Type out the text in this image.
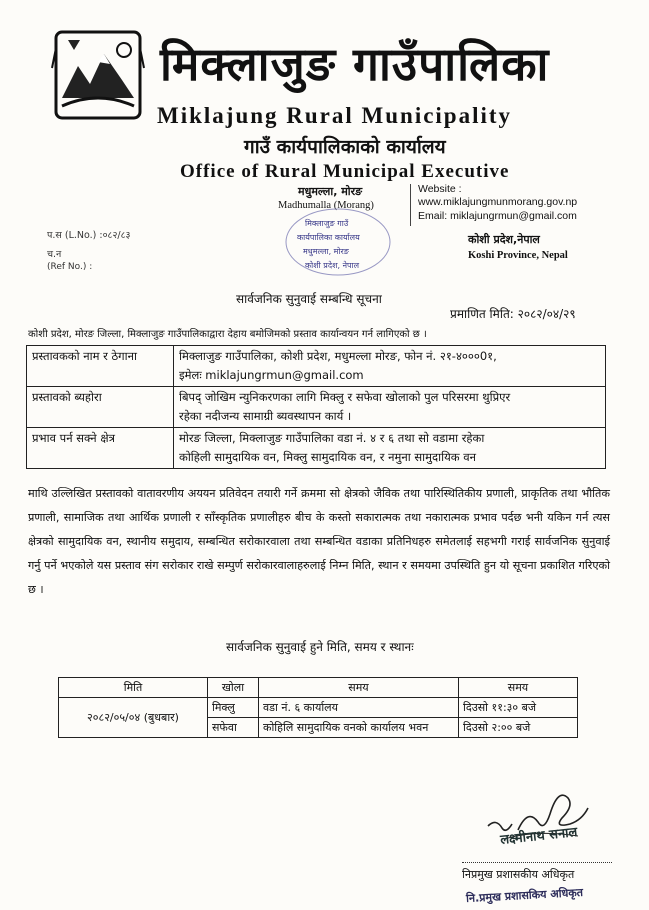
मिक्लाजुङ गाउँपालिका
Miklajung Rural Municipality
गाउँ कार्यपालिकाको कार्यालय
Office of Rural Municipal Executive
मधुमल्ला, मोरङ
Madhumalla (Morang)
Website :
www.miklajungmunmorang.gov.np
Email: miklajungrmun@gmail.com
कोशी प्रदेश,नेपाल
Koshi Province, Nepal
प.स (L.No.) :०८२/८३
च.न
(Ref No.) :
मिक्लाजुङ गाउँ
कार्यपालिका कार्यालय
मधुमल्ला, मोरङ
कोशी प्रदेश, नेपाल
सार्वजनिक सुनुवाई सम्बन्धि सूचना
प्रमाणित मिति: २०८२/०४/२९
कोशी प्रदेश, मोरङ जिल्ला, मिक्लाजुङ गाउँपालिकाद्वारा देहाय बमोजिमको प्रस्ताव कार्यान्वयन गर्न लागिएको छ ।
प्रस्तावकको नाम र ठेगाना	मिक्लाजुङ गाउँपालिका, कोशी प्रदेश, मधुमल्ला मोरङ, फोन नं. २१-४०००0१,
इमेलः miklajungrmun@gmail.com

प्रस्तावको ब्यहोरा	बिपद् जोखिम न्युनिकरणका लागि मिक्लु र सफेवा खोलाको पुल परिसरमा थुप्रिएर
रहेका नदीजन्य सामाग्री ब्यवस्थापन कार्य ।

प्रभाव पर्न सक्ने क्षेत्र	मोरङ जिल्ला, मिक्लाजुङ गाउँपालिका वडा नं. ४ र ६ तथा सो वडामा रहेका
कोहिली सामुदायिक वन, मिक्लु सामुदायिक वन, र नमुना सामुदायिक वन
माथि उल्लिखित प्रस्तावको वातावरणीय अययन प्रतिवेदन तयारी गर्ने क्रममा सो क्षेत्रको जैविक तथा पारिस्थितिकीय प्रणाली, प्राकृतिक तथा भौतिक प्रणाली, सामाजिक तथा आर्थिक प्रणाली र साँस्कृतिक प्रणालीहरु बीच के कस्तो सकारात्मक तथा नकारात्मक प्रभाव पर्दछ भनी यकिन गर्न त्यस क्षेत्रको सामुदायिक वन, स्थानीय समुदाय, सम्बन्धित सरोकारवाला तथा सम्बन्धित वडाका प्रतिनिधहरु समेतलाई सहभगी गराई सार्वजनिक सुनुवाई गर्नु पर्ने भएकोले यस प्रस्ताव संग सरोकार राखे सम्पुर्ण सरोकारवालाहरुलाई निम्न मिति, स्थान र समयमा उपस्थिति हुन यो सूचना प्रकाशित गरिएको छ ।
सार्वजनिक सुनुवाई हुने मिति, समय र स्थानः
मिति	खोला	समय	समय
२०८२/०५/०४ (बुधबार)	मिक्लु	वडा नं. ६ कार्यालय	दिउसो ११:३० बजे
	सफेवा	कोहिलि सामुदायिक वनको कार्यालय भवन	दिउसो २:०० बजे
लक्ष्मीनाथ सनाल
निप्रमुख प्रशासकीय अधिकृत
नि.प्रमुख प्रशासकिय अधिकृत
